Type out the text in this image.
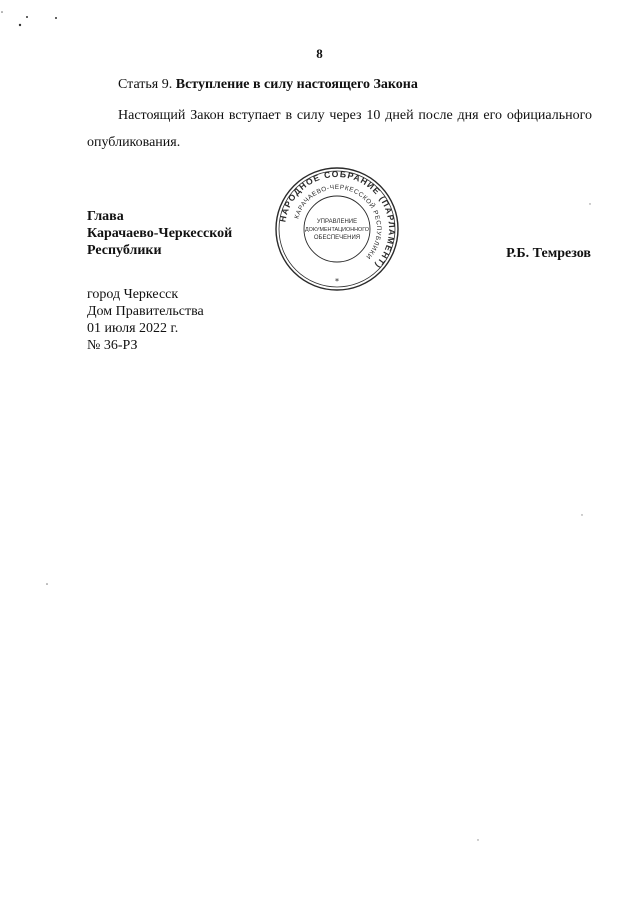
8
Статья 9. Вступление в силу настоящего Закона
Настоящий Закон вступает в силу через 10 дней после дня его официального опубликования.
Глава
Карачаево-Черкесской
Республики	Р.Б. Темрезов
город Черкесск
Дом Правительства
01 июля 2022 г.
№ 36-РЗ
НАРОДНОЕ СОБРАНИЕ (ПАРЛАМЕНТ)
КАРАЧАЕВО-ЧЕРКЕССКОЙ РЕСПУБЛИКИ
УПРАВЛЕНИЕ
ДОКУМЕНТАЦИОННОГО
ОБЕСПЕЧЕНИЯ
*
